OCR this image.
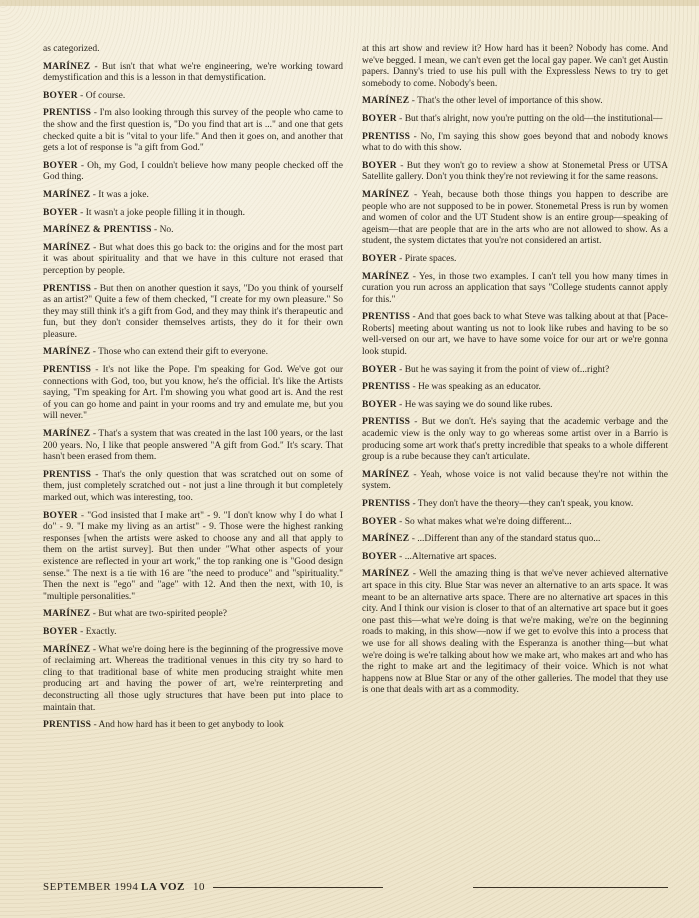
as categorized.

MARÍNEZ - But isn't that what we're engineering, we're working toward demystification and this is a lesson in that demystification.

BOYER - Of course.

PRENTISS - I'm also looking through this survey of the people who came to the show and the first question is, "Do you find that art is ..." and one that gets checked quite a bit is "vital to your life." And then it goes on, and another that gets a lot of response is "a gift from God."

BOYER - Oh, my God, I couldn't believe how many people checked off the God thing.

MARÍNEZ - It was a joke.

BOYER - It wasn't a joke people filling it in though.

MARÍNEZ & PRENTISS - No.

MARÍNEZ - But what does this go back to: the origins and for the most part it was about spirituality and that we have in this culture not erased that perception by people.

PRENTISS - But then on another question it says, "Do you think of yourself as an artist?" Quite a few of them checked, "I create for my own pleasure." So they may still think it's a gift from God, and they may think it's therapeutic and fun, but they don't consider themselves artists, they do it for their own pleasure.

MARÍNEZ - Those who can extend their gift to everyone.

PRENTISS - It's not like the Pope. I'm speaking for God. We've got our connections with God, too, but you know, he's the official. It's like the Artists saying, "I'm speaking for Art. I'm showing you what good art is. And the rest of you can go home and paint in your rooms and try and emulate me, but you will never."

MARÍNEZ - That's a system that was created in the last 100 years, or the last 200 years. No, I like that people answered "A gift from God." It's scary. That hasn't been erased from them.

PRENTISS - That's the only question that was scratched out on some of them, just completely scratched out - not just a line through it but completely marked out, which was interesting, too.

BOYER - "God insisted that I make art" - 9. "I don't know why I do what I do" - 9. "I make my living as an artist" - 9. Those were the highest ranking responses [when the artists were asked to choose any and all that apply to them on the artist survey]. But then under "What other aspects of your existence are reflected in your art work," the top ranking one is "Good design sense." The next is a tie with 16 are "the need to produce" and "spirituality." Then the next is "ego" and "age" with 12. And then the next, with 10, is "multiple personalities."

MARÍNEZ - But what are two-spirited people?

BOYER - Exactly.

MARÍNEZ - What we're doing here is the beginning of the progressive move of reclaiming art. Whereas the traditional venues in this city try so hard to cling to that traditional base of white men producing straight white men producing art and having the power of art, we're reinterpreting and deconstructing all those ugly structures that have been put into place to maintain that.

PRENTISS - And how hard has it been to get anybody to look

at this art show and review it? How hard has it been? Nobody has come. And we've begged. I mean, we can't even get the local gay paper. We can't get Austin papers. Danny's tried to use his pull with the Expressless News to try to get somebody to come. Nobody's been.

MARÍNEZ - That's the other level of importance of this show.

BOYER - But that's alright, now you're putting on the old—the institutional—

PRENTISS - No, I'm saying this show goes beyond that and nobody knows what to do with this show.

BOYER - But they won't go to review a show at Stonemetal Press or UTSA Satellite gallery. Don't you think they're not reviewing it for the same reasons.

MARÍNEZ - Yeah, because both those things you happen to describe are people who are not supposed to be in power. Stonemetal Press is run by women and women of color and the UT Student show is an entire group—speaking of ageism—that are people that are in the arts who are not allowed to show. As a student, the system dictates that you're not considered an artist.

BOYER - Pirate spaces.

MARÍNEZ - Yes, in those two examples. I can't tell you how many times in curation you run across an application that says "College students cannot apply for this."

PRENTISS - And that goes back to what Steve was talking about at that [Pace-Roberts] meeting about wanting us not to look like rubes and having to be so well-versed on our art, we have to have some voice for our art or we're gonna look stupid.

BOYER - But he was saying it from the point of view of...right?

PRENTISS - He was speaking as an educator.

BOYER - He was saying we do sound like rubes.

PRENTISS - But we don't. He's saying that the academic verbage and the academic view is the only way to go whereas some artist over in a Barrio is producing some art work that's pretty incredible that speaks to a whole different group is a rube because they can't articulate.

MARÍNEZ - Yeah, whose voice is not valid because they're not within the system.

PRENTISS - They don't have the theory—they can't speak, you know.

BOYER - So what makes what we're doing different...

MARÍNEZ - ...Different than any of the standard status quo...

BOYER - ...Alternative art spaces.

MARÍNEZ - Well the amazing thing is that we've never achieved alternative art space in this city. Blue Star was never an alternative to an arts space. It was meant to be an alternative arts space. There are no alternative art spaces in this city. And I think our vision is closer to that of an alternative art space but it goes one past this—what we're doing is that we're making, we're on the beginning roads to making, in this show—now if we get to evolve this into a process that we use for all shows dealing with the Esperanza is another thing—but what we're doing is we're talking about how we make art, who makes art and who has the right to make art and the legitimacy of their voice. Which is not what happens now at Blue Star or any of the other galleries. The model that they use is one that deals with art as a commodity.

SEPTEMBER 1994 LA VOZ 10
